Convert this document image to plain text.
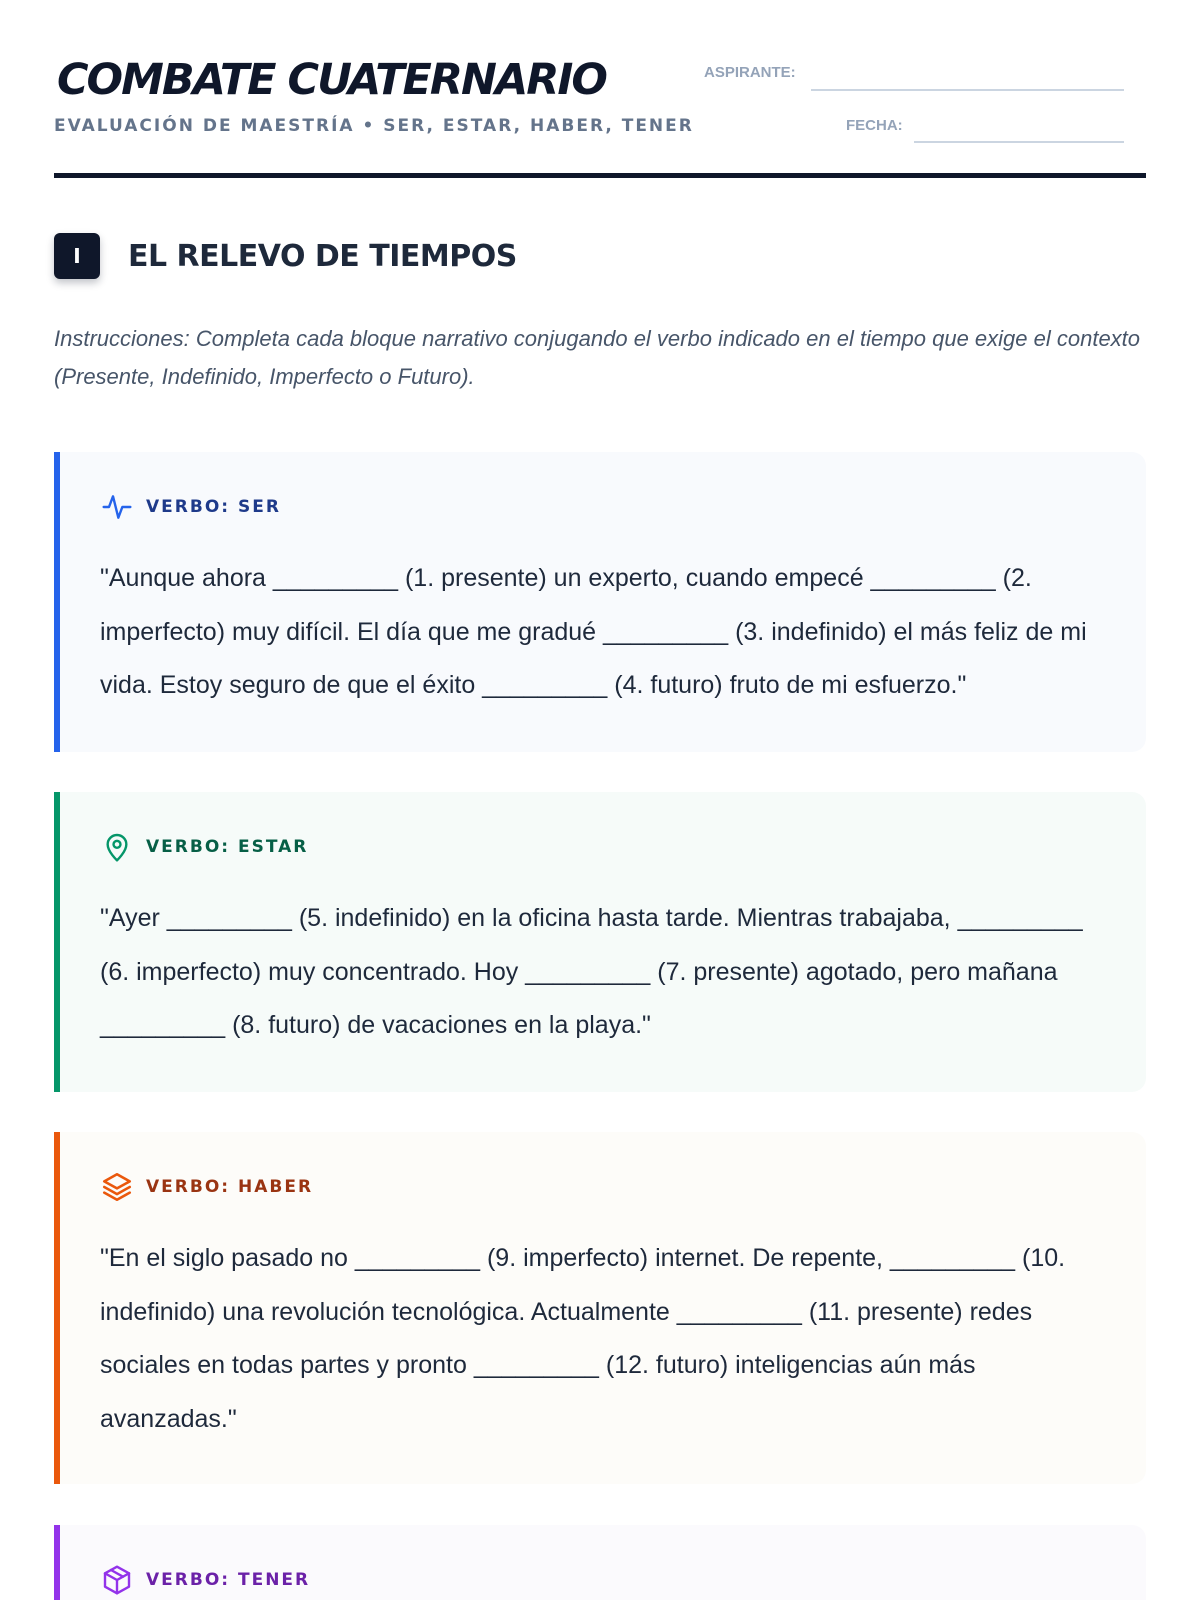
COMBATE CUATERNARIO
EVALUACIÓN DE MAESTRÍA • SER, ESTAR, HABER, TENER
ASPIRANTE:
FECHA:
I	EL RELEVO DE TIEMPOS
Instrucciones: Completa cada bloque narrativo conjugando el verbo indicado en el tiempo que exige el contexto (Presente, Indefinido, Imperfecto o Futuro).
VERBO: SER
"Aunque ahora _________ (1. presente) un experto, cuando empecé _________ (2. imperfecto) muy difícil. El día que me gradué _________ (3. indefinido) el más feliz de mi vida. Estoy seguro de que el éxito _________ (4. futuro) fruto de mi esfuerzo."
VERBO: ESTAR
"Ayer _________ (5. indefinido) en la oficina hasta tarde. Mientras trabajaba, _________ (6. imperfecto) muy concentrado. Hoy _________ (7. presente) agotado, pero mañana _________ (8. futuro) de vacaciones en la playa."
VERBO: HABER
"En el siglo pasado no _________ (9. imperfecto) internet. De repente, _________ (10. indefinido) una revolución tecnológica. Actualmente _________ (11. presente) redes sociales en todas partes y pronto _________ (12. futuro) inteligencias aún más avanzadas."
VERBO: TENER
